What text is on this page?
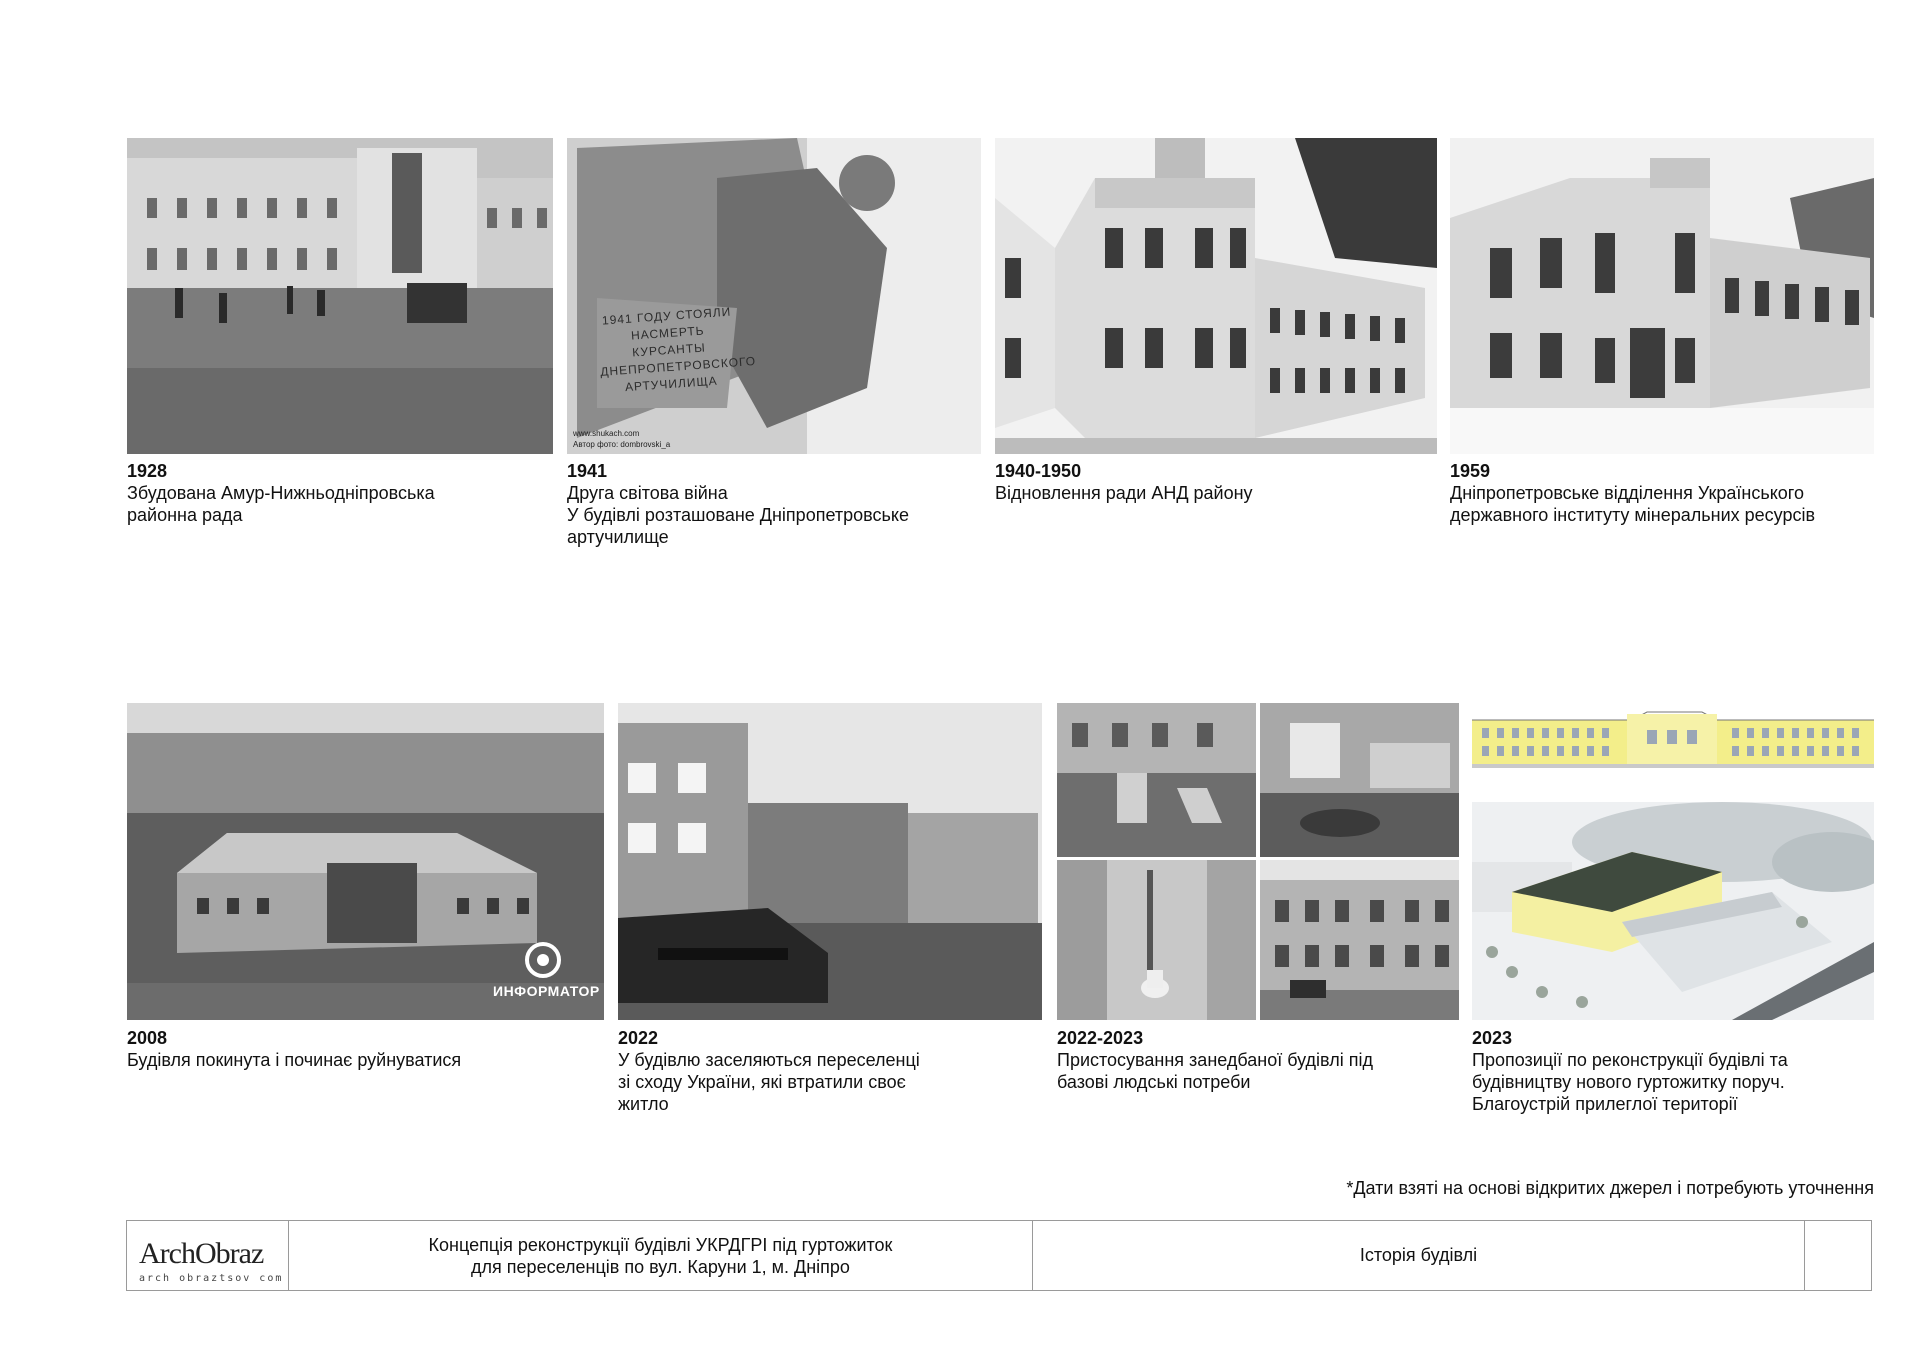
1941 ГОДУ СТОЯЛИ НАСМЕРТЬ КУРСАНТЫ ДНЕПРОПЕТРОВСКОГО АРТУЧИЛИЩА
www.shukach.com
Автор фото: dombrovski_a
1928
Збудована Амур-Нижньодніпровська
районна рада
1941
Друга світова війна
У будівлі розташоване Дніпропетровське
артучилище
1940-1950
Відновлення ради АНД району
1959
Дніпропетровське відділення Українського
державного інституту мінеральних ресурсів
ИНФОРМАТОР
2008
Будівля покинута і починає руйнуватися
2022
У будівлю заселяються переселенці
зі сходу України, які втратили своє
житло
2022-2023
Пристосування занедбаної будівлі під
базові людські потреби
2023
Пропозиції по реконструкції будівлі та
будівництву нового гуртожитку поруч.
Благоустрій прилеглої території
*Дати взяті на основі відкритих джерел і потребують уточнення
ArchObraz
arch obraztsov com
Концепція реконструкції будівлі УКРДГРІ під гуртожиток
для переселенців по вул. Каруни 1, м. Дніпро
Історія будівлі
